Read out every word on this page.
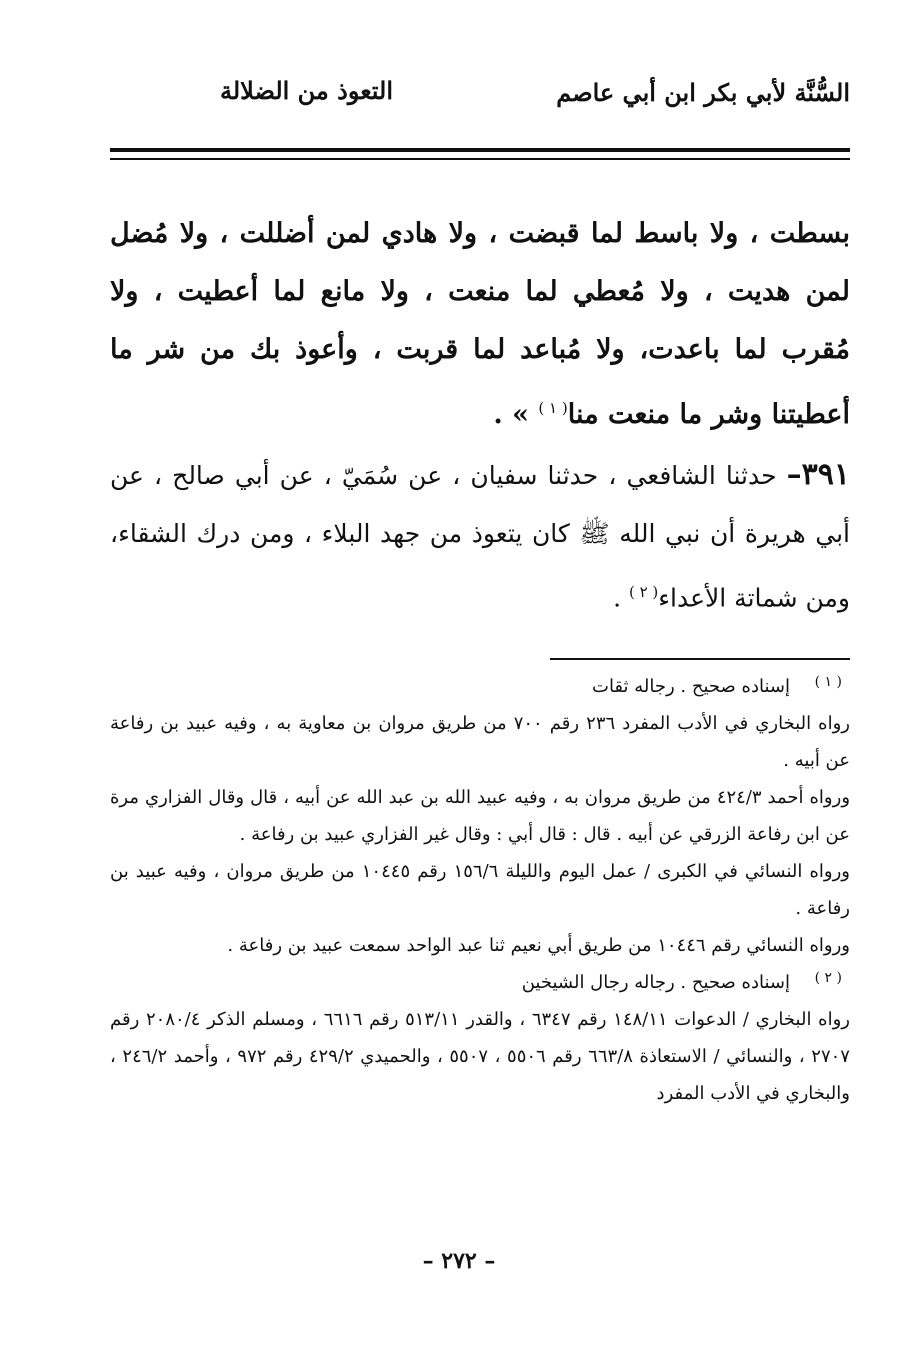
السُّنَّة لأبي بكر ابن أبي عاصم
التعوذ من الضلالة

بسطت ، ولا باسط لما قبضت ، ولا هادي لمن أضللت ، ولا مُضل لمن هديت ، ولا مُعطي لما منعت ، ولا مانع لما أعطيت ، ولا مُقرب لما باعدت، ولا مُباعد لما قربت ، وأعوذ بك من شر ما أعطيتنا وشر ما منعت منا$^{( ١ )}$ » .

٣٩١– حدثنا الشافعي ، حدثنا سفيان ، عن سُمَيّ ، عن أبي صالح ، عن أبي هريرة أن نبي الله ﷺ كان يتعوذ من جهد البلاء ، ومن درك الشقاء، ومن شماتة الأعداء$^{( ٢ )}$ .

( ١ )

إسناده صحيح . رجاله ثقات

رواه البخاري في الأدب المفرد ٢٣٦ رقم ٧٠٠ من طريق مروان بن معاوية به ، وفيه عبيد بن رفاعة عن أبيه .

ورواه أحمد ٤٢٤/٣ من طريق مروان به ، وفيه عبيد الله بن عبد الله عن أبيه ، قال وقال الفزاري مرة عن ابن رفاعة الزرقي عن أبيه . قال : قال أبي : وقال غير الفزاري عبيد بن رفاعة .

ورواه النسائي في الكبرى / عمل اليوم والليلة ١٥٦/٦ رقم ١٠٤٤٥ من طريق مروان ، وفيه عبيد بن رفاعة .

ورواه النسائي رقم ١٠٤٤٦ من طريق أبي نعيم ثنا عبد الواحد سمعت عبيد بن رفاعة .

( ٢ )

إسناده صحيح . رجاله رجال الشيخين

رواه البخاري / الدعوات ١٤٨/١١ رقم ٦٣٤٧ ، والقدر ٥١٣/١١ رقم ٦٦١٦ ، ومسلم الذكر ٢٠٨٠/٤ رقم ٢٧٠٧ ، والنسائي / الاستعاذة ٦٦٣/٨ رقم ٥٥٠٦ ، ٥٥٠٧ ، والحميدي ٤٢٩/٢ رقم ٩٧٢ ، وأحمد ٢٤٦/٢ ، والبخاري في الأدب المفرد

– ٢٧٢ –
